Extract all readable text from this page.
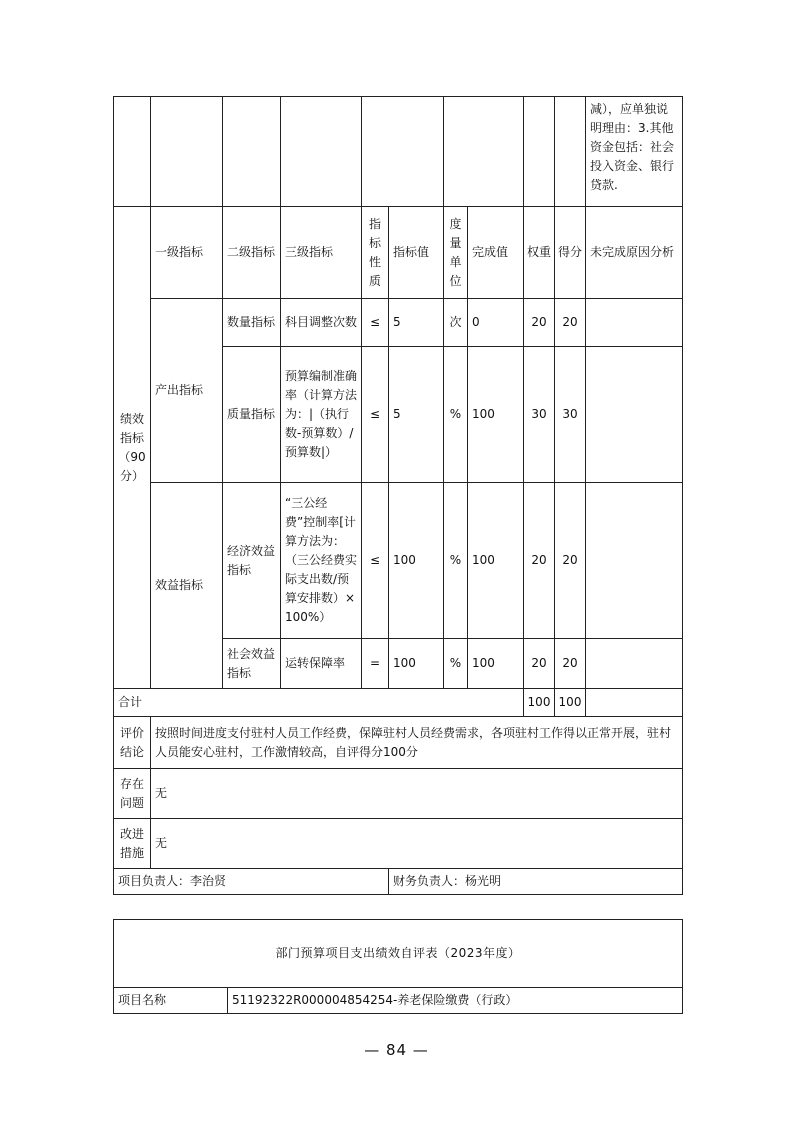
										减），应单独说明理由：3.其他资金包括：社会投入资金、银行贷款.
绩效指标（90分）	一级指标	二级指标	三级指标	指标性质	指标值	度量单位	完成值	权重	得分	未完成原因分析
	产出指标	数量指标	科目调整次数	≤	5	次	0	20	20	
		质量指标	预算编制准确率（计算方法为：|（执行数-预算数）/预算数|）	≤	5	%	100	30	30	
	效益指标	经济效益指标	“三公经费”控制率[计算方法为：（三公经费实际支出数/预算安排数）×100%）	≤	100	%	100	20	20	
		社会效益指标	运转保障率	=	100	%	100	20	20	
合计								100	100	
评价结论	按照时间进度支付驻村人员工作经费，保障驻村人员经费需求，各项驻村工作得以正常开展，驻村人员能安心驻村，工作激情较高，自评得分100分									
存在问题	无									
改进措施	无									
项目负责人：李治贤					财务负责人：杨光明					
部门预算项目支出绩效自评表（2023年度）
项目名称	51192322R000004854254-养老保险缴费（行政）
— 84 —
